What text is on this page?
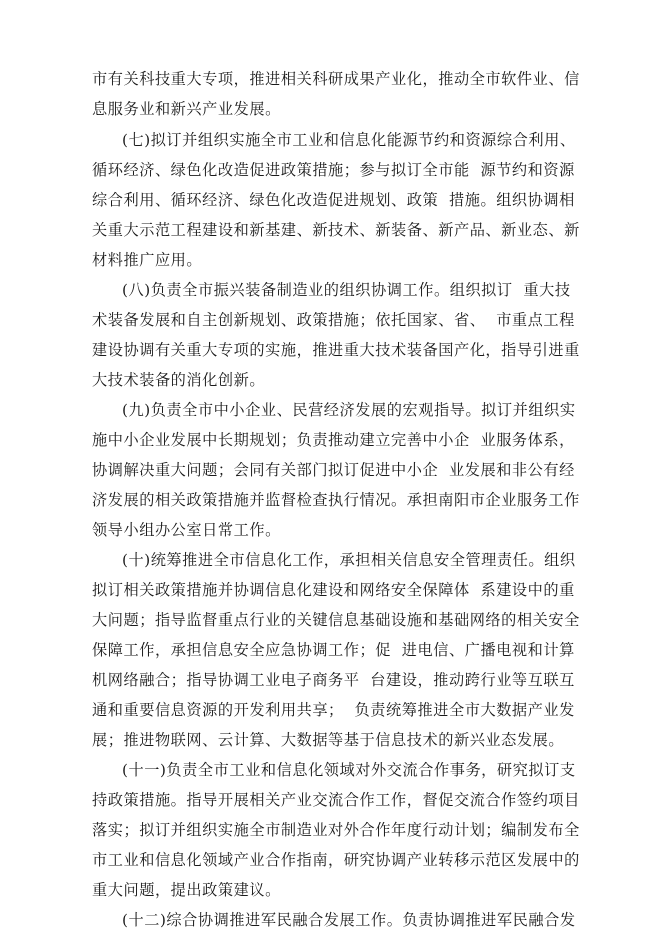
市有关科技重大专项，推进相关科研成果产业化，推动全市软件业、信
息服务业和新兴产业发展。
(七)拟订并组织实施全市工业和信息化能源节约和资源综合利用、
循环经济、绿色化改造促进政策措施；参与拟订全市能  源节约和资源
综合利用、循环经济、绿色化改造促进规划、政策  措施。组织协调相
关重大示范工程建设和新基建、新技术、新装备、新产品、新业态、新
材料推广应用。
(八)负责全市振兴装备制造业的组织协调工作。组织拟订  重大技
术装备发展和自主创新规划、政策措施；依托国家、省、  市重点工程
建设协调有关重大专项的实施，推进重大技术装备国产化，指导引进重
大技术装备的消化创新。
(九)负责全市中小企业、民营经济发展的宏观指导。拟订并组织实
施中小企业发展中长期规划；负责推动建立完善中小企  业服务体系，
协调解决重大问题；会同有关部门拟订促进中小企  业发展和非公有经
济发展的相关政策措施并监督检查执行情况。承担南阳市企业服务工作
领导小组办公室日常工作。
(十)统筹推进全市信息化工作，承担相关信息安全管理责任。组织
拟订相关政策措施并协调信息化建设和网络安全保障体  系建设中的重
大问题；指导监督重点行业的关键信息基础设施和基础网络的相关安全
保障工作，承担信息安全应急协调工作；促  进电信、广播电视和计算
机网络融合；指导协调工业电子商务平  台建设，推动跨行业等互联互
通和重要信息资源的开发利用共享；  负责统筹推进全市大数据产业发
展；推进物联网、云计算、大数据等基于信息技术的新兴业态发展。
(十一)负责全市工业和信息化领域对外交流合作事务，研究拟订支
持政策措施。指导开展相关产业交流合作工作，督促交流合作签约项目
落实；拟订并组织实施全市制造业对外合作年度行动计划；编制发布全
市工业和信息化领域产业合作指南，研究协调产业转移示范区发展中的
重大问题，提出政策建议。
(十二)综合协调推进军民融合发展工作。负责协调推进军民融合发
